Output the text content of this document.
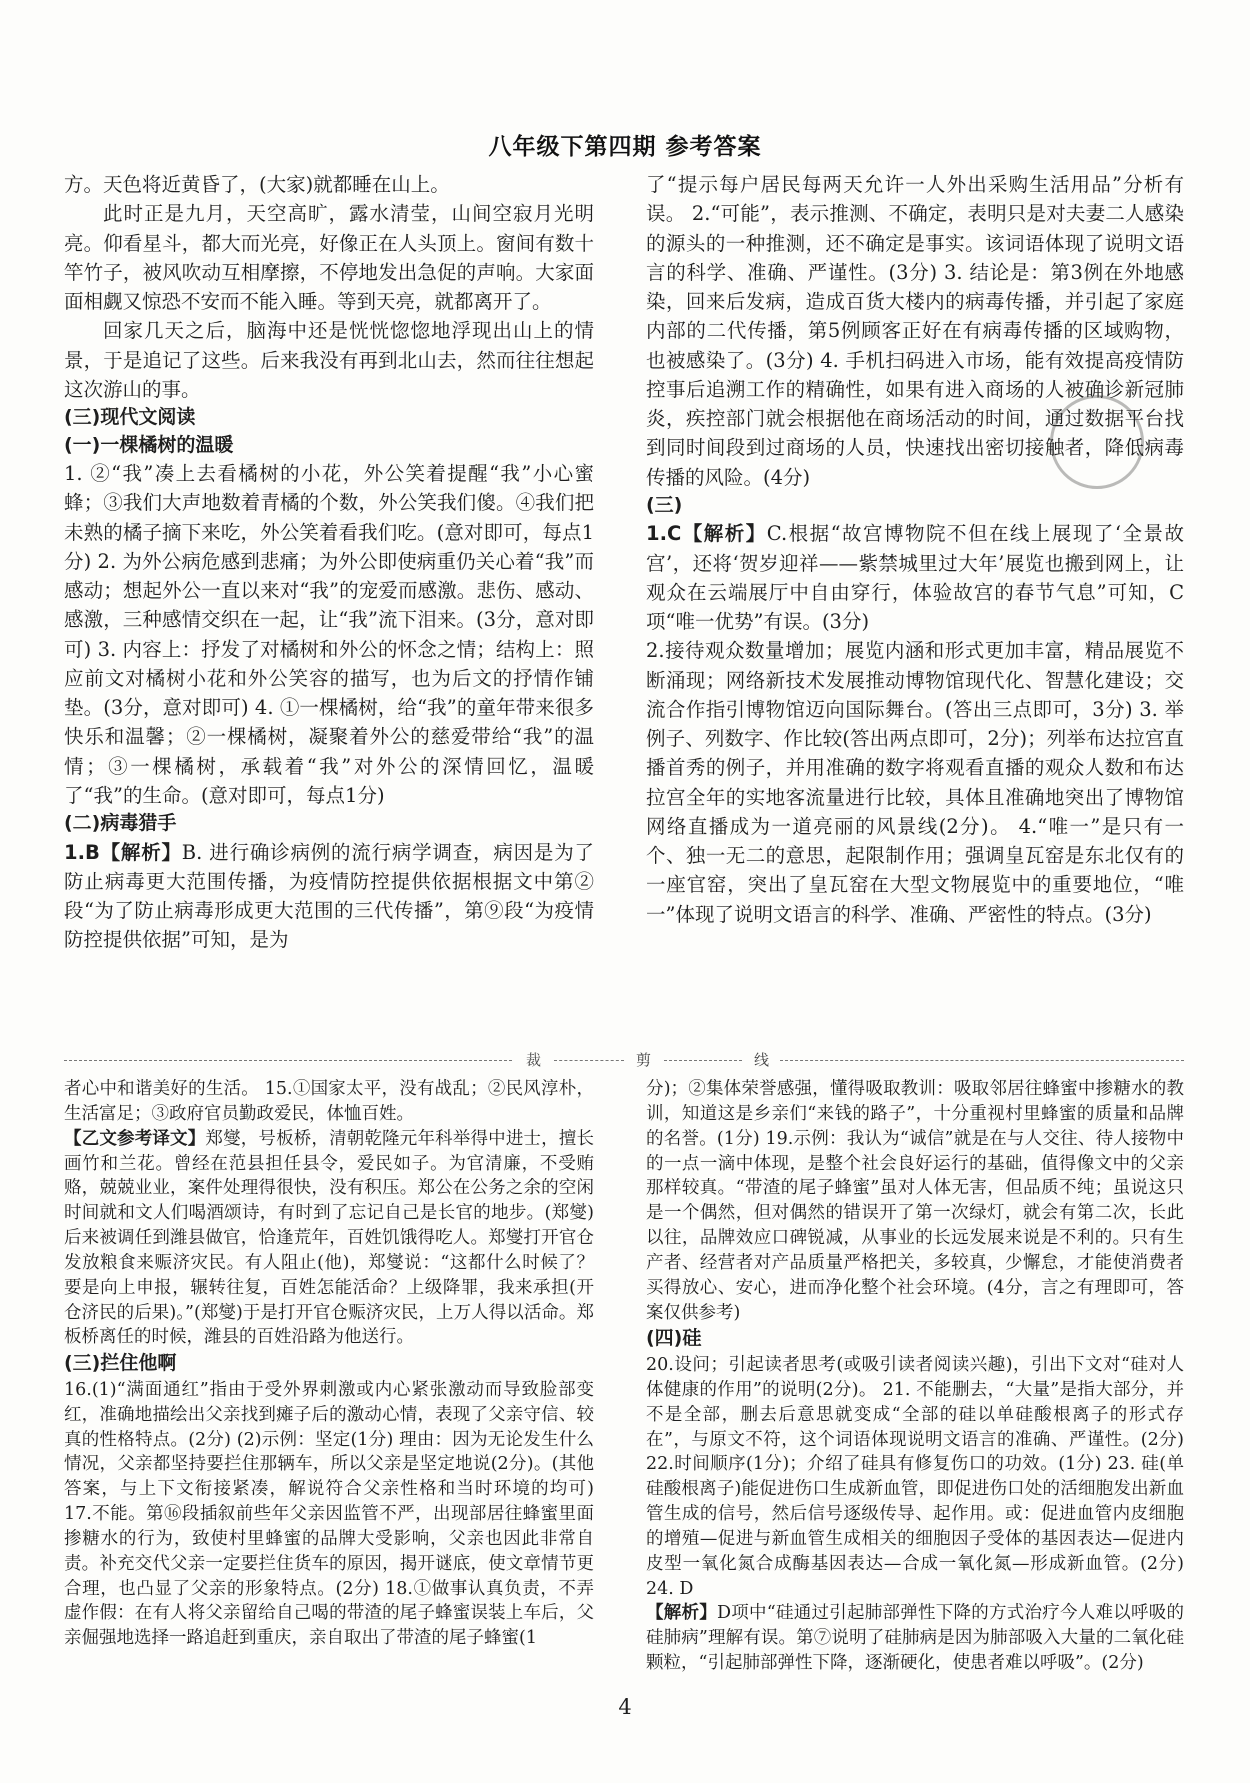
八年级下第四期 参考答案

方。天色将近黄昏了，(大家)就都睡在山上。

此时正是九月，天空高旷，露水清莹，山间空寂月光明亮。仰看星斗，都大而光亮，好像正在人头顶上。窗间有数十竿竹子，被风吹动互相摩擦，不停地发出急促的声响。大家面面相觑又惊恐不安而不能入睡。等到天亮，就都离开了。

回家几天之后，脑海中还是恍恍惚惚地浮现出山上的情景，于是追记了这些。后来我没有再到北山去，然而往往想起这次游山的事。

(三)现代文阅读

(一)一棵橘树的温暖

1. ②“我”凑上去看橘树的小花，外公笑着提醒“我”小心蜜蜂；③我们大声地数着青橘的个数，外公笑我们傻。④我们把未熟的橘子摘下来吃，外公笑着看我们吃。(意对即可，每点1分) 2. 为外公病危感到悲痛；为外公即使病重仍关心着“我”而感动；想起外公一直以来对“我”的宠爱而感激。悲伤、感动、感激，三种感情交织在一起，让“我”流下泪来。(3分，意对即可) 3. 内容上：抒发了对橘树和外公的怀念之情；结构上：照应前文对橘树小花和外公笑容的描写，也为后文的抒情作铺垫。(3分，意对即可) 4. ①一棵橘树，给“我”的童年带来很多快乐和温馨；②一棵橘树，凝聚着外公的慈爱带给“我”的温情；③一棵橘树，承载着“我”对外公的深情回忆，温暖了“我”的生命。(意对即可，每点1分)

(二)病毒猎手

1.B【解析】B. 进行确诊病例的流行病学调查，病因是为了防止病毒更大范围传播，为疫情防控提供依据根据文中第②段“为了防止病毒形成更大范围的三代传播”，第⑨段“为疫情防控提供依据”可知，是为

了“提示每户居民每两天允许一人外出采购生活用品”分析有误。 2.“可能”，表示推测、不确定，表明只是对夫妻二人感染的源头的一种推测，还不确定是事实。该词语体现了说明文语言的科学、准确、严谨性。(3分) 3. 结论是：第3例在外地感染，回来后发病，造成百货大楼内的病毒传播，并引起了家庭内部的二代传播，第5例顾客正好在有病毒传播的区域购物，也被感染了。(3分) 4. 手机扫码进入市场，能有效提高疫情防控事后追溯工作的精确性，如果有进入商场的人被确诊新冠肺炎，疾控部门就会根据他在商场活动的时间，通过数据平台找到同时间段到过商场的人员，快速找出密切接触者，降低病毒传播的风险。(4分)

(三)

1.C【解析】C.根据“故宫博物院不但在线上展现了‘全景故宫’，还将‘贺岁迎祥——紫禁城里过大年’展览也搬到网上，让观众在云端展厅中自由穿行，体验故宫的春节气息”可知，C项“唯一优势”有误。(3分)

2.接待观众数量增加；展览内涵和形式更加丰富，精品展览不断涌现；网络新技术发展推动博物馆现代化、智慧化建设；交流合作指引博物馆迈向国际舞台。(答出三点即可，3分) 3. 举例子、列数字、作比较(答出两点即可，2分)；列举布达拉宫直播首秀的例子，并用准确的数字将观看直播的观众人数和布达拉宫全年的实地客流量进行比较，具体且准确地突出了博物馆网络直播成为一道亮丽的风景线(2分)。 4.“唯一”是只有一个、独一无二的意思，起限制作用；强调皇瓦窑是东北仅有的一座官窑，突出了皇瓦窑在大型文物展览中的重要地位，“唯一”体现了说明文语言的科学、准确、严密性的特点。(3分)

裁	剪	线

者心中和谐美好的生活。 15.①国家太平，没有战乱；②民风淳朴，生活富足；③政府官员勤政爱民，体恤百姓。

【乙文参考译文】郑燮，号板桥，清朝乾隆元年科举得中进士，擅长画竹和兰花。曾经在范县担任县令，爱民如子。为官清廉，不受贿赂，兢兢业业，案件处理得很快，没有积压。郑公在公务之余的空闲时间就和文人们喝酒颂诗，有时到了忘记自己是长官的地步。(郑燮)后来被调任到潍县做官，恰逢荒年，百姓饥饿得吃人。郑燮打开官仓发放粮食来赈济灾民。有人阻止(他)，郑燮说：“这都什么时候了？要是向上申报，辗转往复，百姓怎能活命？上级降罪，我来承担(开仓济民的后果)。”(郑燮)于是打开官仓赈济灾民，上万人得以活命。郑板桥离任的时候，潍县的百姓沿路为他送行。

(三)拦住他啊

16.(1)“满面通红”指由于受外界刺激或内心紧张激动而导致脸部变红，准确地描绘出父亲找到瘫子后的激动心情，表现了父亲守信、较真的性格特点。(2分) (2)示例：坚定(1分) 理由：因为无论发生什么情况，父亲都坚持要拦住那辆车，所以父亲是坚定地说(2分)。(其他答案，与上下文衔接紧凑，解说符合父亲性格和当时环境的均可) 17.不能。第⑯段插叙前些年父亲因监管不严，出现部居往蜂蜜里面掺糖水的行为，致使村里蜂蜜的品牌大受影响，父亲也因此非常自责。补充交代父亲一定要拦住货车的原因，揭开谜底，使文章情节更合理，也凸显了父亲的形象特点。(2分) 18.①做事认真负责，不弄虚作假：在有人将父亲留给自己喝的带渣的尾子蜂蜜误装上车后，父亲倔强地选择一路追赶到重庆，亲自取出了带渣的尾子蜂蜜(1

分)；②集体荣誉感强，懂得吸取教训：吸取邻居往蜂蜜中掺糖水的教训，知道这是乡亲们“来钱的路子”，十分重视村里蜂蜜的质量和品牌的名誉。(1分) 19.示例：我认为“诚信”就是在与人交往、待人接物中的一点一滴中体现，是整个社会良好运行的基础，值得像文中的父亲那样较真。“带渣的尾子蜂蜜”虽对人体无害，但品质不纯；虽说这只是一个偶然，但对偶然的错误开了第一次绿灯，就会有第二次，长此以往，品牌效应口碑锐减，从事业的长远发展来说是不利的。只有生产者、经营者对产品质量严格把关，多较真，少懈怠，才能使消费者买得放心、安心，进而净化整个社会环境。(4分，言之有理即可，答案仅供参考)

(四)硅

20.设问；引起读者思考(或吸引读者阅读兴趣)，引出下文对“硅对人体健康的作用”的说明(2分)。 21. 不能删去，“大量”是指大部分，并不是全部，删去后意思就变成“全部的硅以单硅酸根离子的形式存在”，与原文不符，这个词语体现说明文语言的准确、严谨性。(2分) 22.时间顺序(1分)；介绍了硅具有修复伤口的功效。(1分) 23. 硅(单硅酸根离子)能促进伤口生成新血管，即促进伤口处的活细胞发出新血管生成的信号，然后信号逐级传导、起作用。或：促进血管内皮细胞的增殖—促进与新血管生成相关的细胞因子受体的基因表达—促进内皮型一氧化氮合成酶基因表达—合成一氧化氮—形成新血管。(2分) 24. D

【解析】D项中“硅通过引起肺部弹性下降的方式治疗今人难以呼吸的硅肺病”理解有误。第⑦说明了硅肺病是因为肺部吸入大量的二氧化硅颗粒，“引起肺部弹性下降，逐渐硬化，使患者难以呼吸”。(2分)

4
